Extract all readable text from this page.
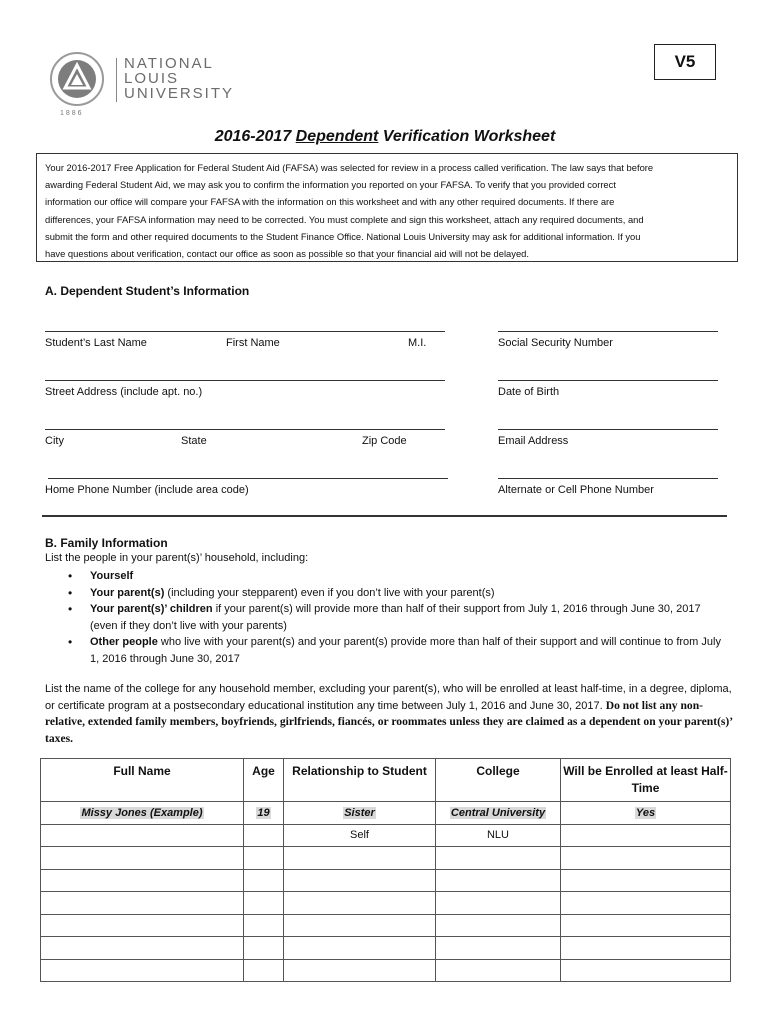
1886
NATIONAL
LOUIS
UNIVERSITY
V5
2016-2017 Dependent Verification Worksheet
Your 2016-2017 Free Application for Federal Student Aid (FAFSA) was selected for review in a process called verification. The law says that before
awarding Federal Student Aid, we may ask you to confirm the information you reported on your FAFSA. To verify that you provided correct
information our office will compare your FAFSA with the information on this worksheet and with any other required documents. If there are
differences, your FAFSA information may need to be corrected. You must complete and sign this worksheet, attach any required documents, and
submit the form and other required documents to the Student Finance Office. National Louis University may ask for additional information. If you
have questions about verification, contact our office as soon as possible so that your financial aid will not be delayed.
A. Dependent Student’s Information
Student’s Last Name	First Name	M.I.	Social Security Number
Street Address (include apt. no.)	Date of Birth
City	State	Zip Code	Email Address
Home Phone Number (include area code)	Alternate or Cell Phone Number
B. Family Information
List the people in your parent(s)’ household, including:
• Yourself
• Your parent(s) (including your stepparent) even if you don’t live with your parent(s)
• Your parent(s)’ children if your parent(s) will provide more than half of their support from July 1, 2016 through June 30, 2017 (even if they don’t live with your parents)
• Other people who live with your parent(s) and your parent(s) provide more than half of their support and will continue to from July 1, 2016 through June 30, 2017
List the name of the college for any household member, excluding your parent(s), who will be enrolled at least half-time, in a degree, diploma, or certificate program at a postsecondary educational institution any time between July 1, 2016 and June 30, 2017. Do not list any non-relative, extended family members, boyfriends, girlfriends, fiancés, or roommates unless they are claimed as a dependent on your parent(s)’ taxes.
Full Name	Age	Relationship to Student	College	Will be Enrolled at least Half-Time
Missy Jones (Example)	19	Sister	Central University	Yes
		Self	NLU	
